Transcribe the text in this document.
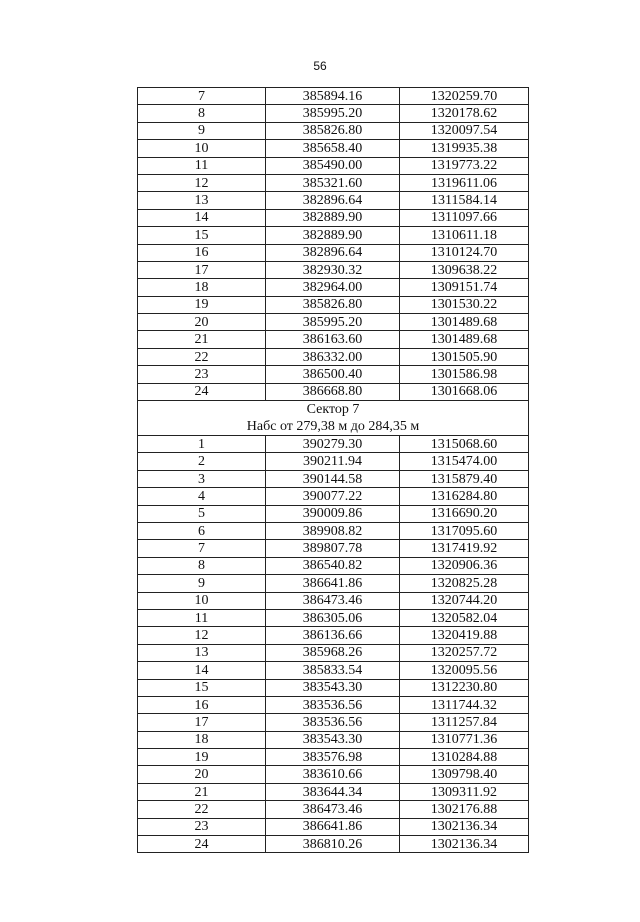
56
7	385894.16	1320259.70
8	385995.20	1320178.62
9	385826.80	1320097.54
10	385658.40	1319935.38
11	385490.00	1319773.22
12	385321.60	1319611.06
13	382896.64	1311584.14
14	382889.90	1311097.66
15	382889.90	1310611.18
16	382896.64	1310124.70
17	382930.32	1309638.22
18	382964.00	1309151.74
19	385826.80	1301530.22
20	385995.20	1301489.68
21	386163.60	1301489.68
22	386332.00	1301505.90
23	386500.40	1301586.98
24	386668.80	1301668.06
Сектор 7		
Набс от 279,38 м до 284,35 м		
1	390279.30	1315068.60
2	390211.94	1315474.00
3	390144.58	1315879.40
4	390077.22	1316284.80
5	390009.86	1316690.20
6	389908.82	1317095.60
7	389807.78	1317419.92
8	386540.82	1320906.36
9	386641.86	1320825.28
10	386473.46	1320744.20
11	386305.06	1320582.04
12	386136.66	1320419.88
13	385968.26	1320257.72
14	385833.54	1320095.56
15	383543.30	1312230.80
16	383536.56	1311744.32
17	383536.56	1311257.84
18	383543.30	1310771.36
19	383576.98	1310284.88
20	383610.66	1309798.40
21	383644.34	1309311.92
22	386473.46	1302176.88
23	386641.86	1302136.34
24	386810.26	1302136.34
